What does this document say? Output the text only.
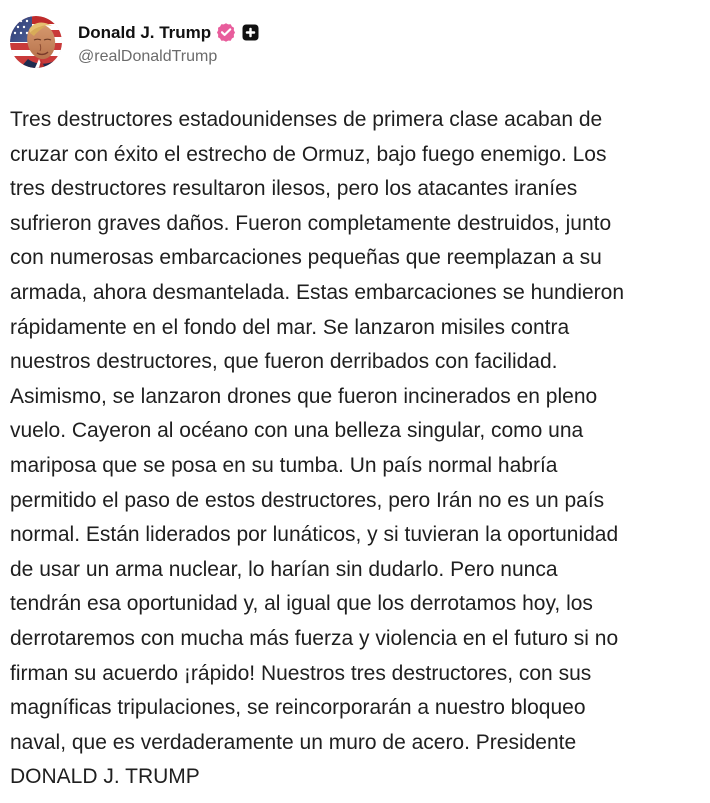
Donald J. Trump
@realDonaldTrump
Tres destructores estadounidenses de primera clase acaban de
cruzar con éxito el estrecho de Ormuz, bajo fuego enemigo. Los
tres destructores resultaron ilesos, pero los atacantes iraníes
sufrieron graves daños. Fueron completamente destruidos, junto
con numerosas embarcaciones pequeñas que reemplazan a su
armada, ahora desmantelada. Estas embarcaciones se hundieron
rápidamente en el fondo del mar. Se lanzaron misiles contra
nuestros destructores, que fueron derribados con facilidad.
Asimismo, se lanzaron drones que fueron incinerados en pleno
vuelo. Cayeron al océano con una belleza singular, como una
mariposa que se posa en su tumba. Un país normal habría
permitido el paso de estos destructores, pero Irán no es un país
normal. Están liderados por lunáticos, y si tuvieran la oportunidad
de usar un arma nuclear, lo harían sin dudarlo. Pero nunca
tendrán esa oportunidad y, al igual que los derrotamos hoy, los
derrotaremos con mucha más fuerza y violencia en el futuro si no
firman su acuerdo ¡rápido! Nuestros tres destructores, con sus
magníficas tripulaciones, se reincorporarán a nuestro bloqueo
naval, que es verdaderamente un muro de acero. Presidente
DONALD J. TRUMP
